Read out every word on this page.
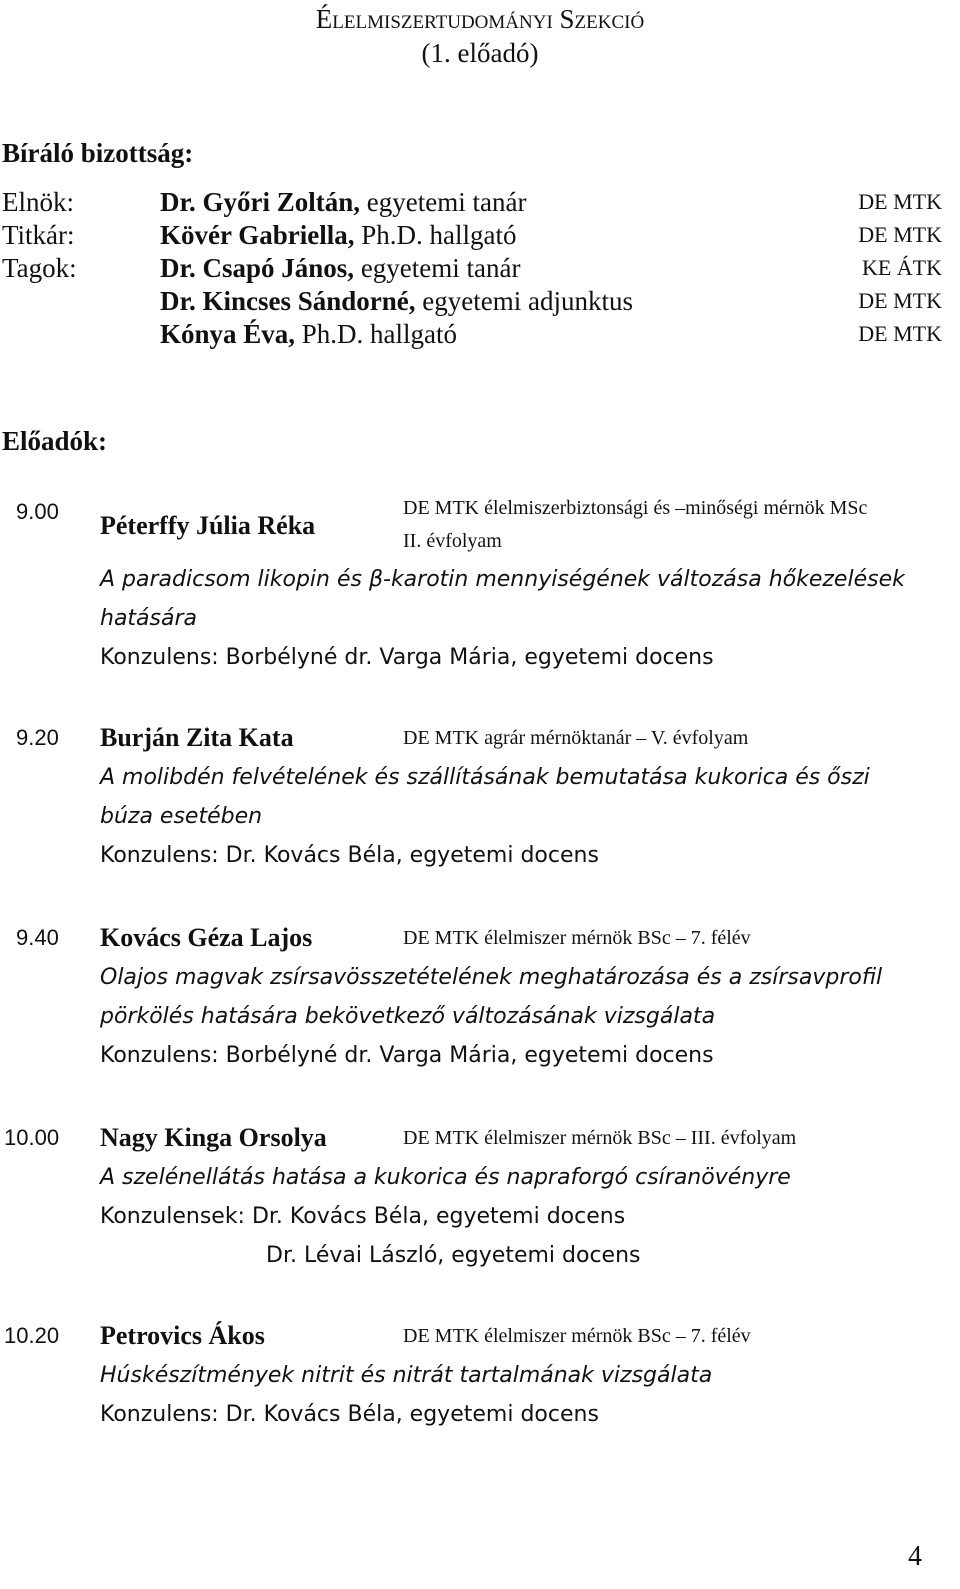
Élelmiszertudományi Szekció
(1. előadó)
Bíráló bizottság:
Elnök:	Dr. Győri Zoltán, egyetemi tanár	DE MTK
Titkár:	Kövér Gabriella, Ph.D. hallgató	DE MTK
Tagok:	Dr. Csapó János, egyetemi tanár	KE ÁTK
Dr. Kincses Sándorné, egyetemi adjunktus	DE MTK
Kónya Éva, Ph.D. hallgató	DE MTK
Előadók:
9.00 Péterffy Júlia Réka
DE MTK élelmiszerbiztonsági és –minőségi mérnök MSc
II. évfolyam
A paradicsom likopin és β-karotin mennyiségének változása hőkezelések
hatására
Konzulens: Borbélyné dr. Varga Mária, egyetemi docens
9.20 Burján Zita Kata	DE MTK agrár mérnöktanár – V. évfolyam
A molibdén felvételének és szállításának bemutatása kukorica és őszi
búza esetében
Konzulens: Dr. Kovács Béla, egyetemi docens
9.40 Kovács Géza Lajos	DE MTK élelmiszer mérnök BSc – 7. félév
Olajos magvak zsírsavösszetételének meghatározása és a zsírsavprofil
pörkölés hatására bekövetkező változásának vizsgálata
Konzulens: Borbélyné dr. Varga Mária, egyetemi docens
10.00 Nagy Kinga Orsolya	DE MTK élelmiszer mérnök BSc – III. évfolyam
A szelénellátás hatása a kukorica és napraforgó csíranövényre
Konzulensek: Dr. Kovács Béla, egyetemi docens
Dr. Lévai László, egyetemi docens
10.20 Petrovics Ákos	DE MTK élelmiszer mérnök BSc – 7. félév
Húskészítmények nitrit és nitrát tartalmának vizsgálata
Konzulens: Dr. Kovács Béla, egyetemi docens
4
